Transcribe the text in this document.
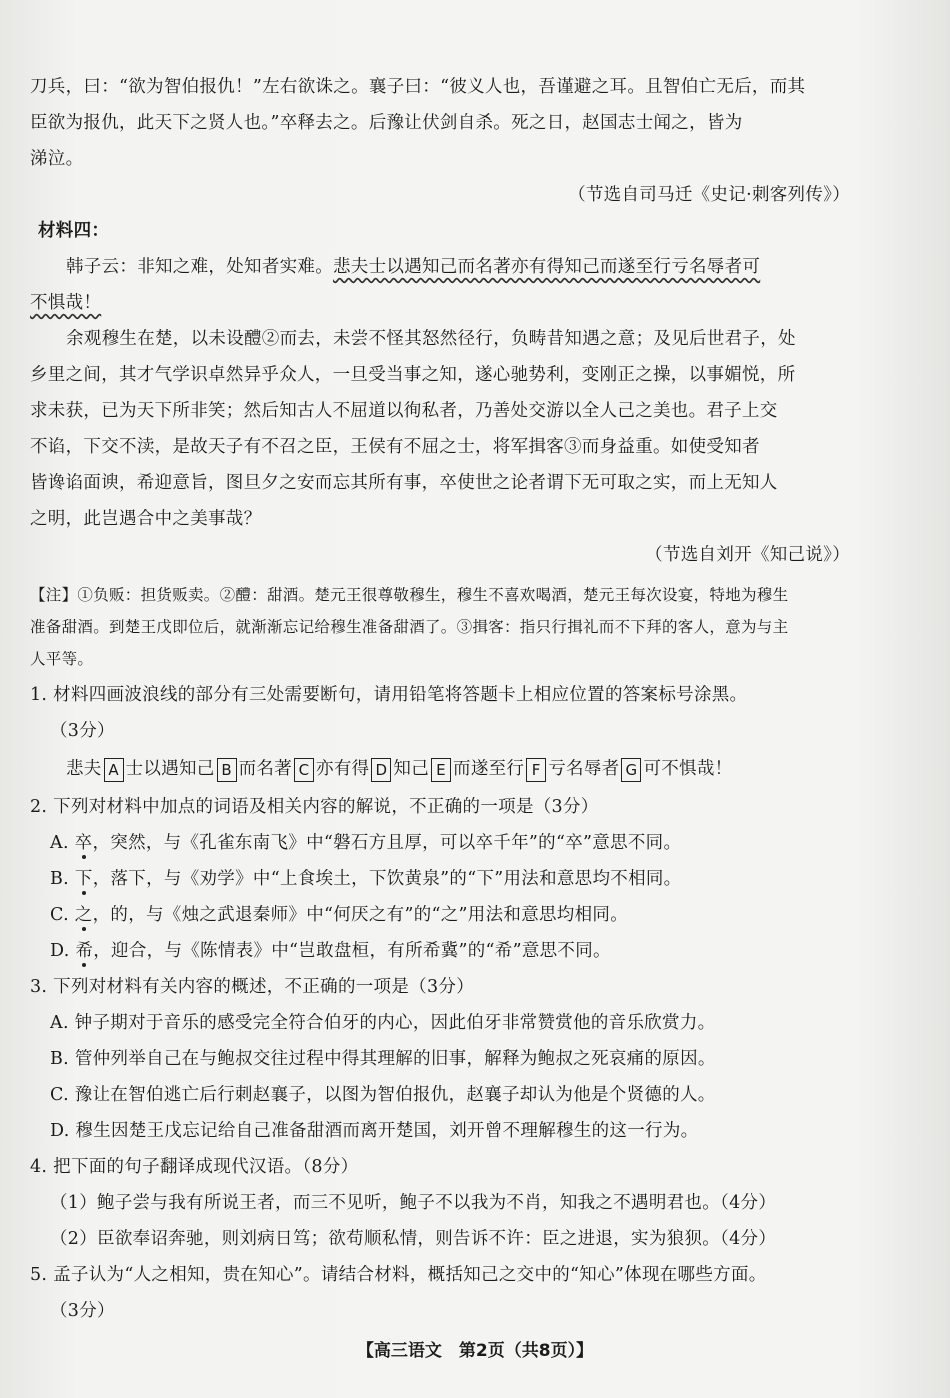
刀兵，曰：“欲为智伯报仇！”左右欲诛之。襄子曰：“彼义人也，吾谨避之耳。且智伯亡无后，而其
臣欲为报仇，此天下之贤人也。”卒释去之。后豫让伏剑自杀。死之日，赵国志士闻之，皆为
涕泣。
（节选自司马迁《史记·刺客列传》）
材料四：
韩子云：非知之难，处知者实难。悲夫士以遇知己而名著亦有得知己而遂至行亏名辱者可
不惧哉！
余观穆生在楚，以未设醴②而去，未尝不怪其怒然径行，负畴昔知遇之意；及见后世君子，处
乡里之间，其才气学识卓然异乎众人，一旦受当事之知，遂心驰势利，变刚正之操，以事媚悦，所
求未获，已为天下所非笑；然后知古人不屈道以徇私者，乃善处交游以全人己之美也。君子上交
不谄，下交不渎，是故天子有不召之臣，王侯有不屈之士，将军揖客③而身益重。如使受知者
皆谗谄面谀，希迎意旨，图旦夕之安而忘其所有事，卒使世之论者谓下无可取之实，而上无知人
之明，此岂遇合中之美事哉？
（节选自刘开《知己说》）
【注】①负贩：担货贩卖。②醴：甜酒。楚元王很尊敬穆生，穆生不喜欢喝酒，楚元王每次设宴，特地为穆生
准备甜酒。到楚王戊即位后，就渐渐忘记给穆生准备甜酒了。③揖客：指只行揖礼而不下拜的客人，意为与主
人平等。
1. 材料四画波浪线的部分有三处需要断句，请用铅笔将答题卡上相应位置的答案标号涂黑。
（3分）
悲夫 A 士以遇知己 B 而名著 C 亦有得 D 知己 E 而遂至行 F 亏名辱者 G 可不惧哉！
2. 下列对材料中加点的词语及相关内容的解说，不正确的一项是（3分）
A. 卒，突然，与《孔雀东南飞》中“磐石方且厚，可以卒千年”的“卒”意思不同。
B. 下，落下，与《劝学》中“上食埃土，下饮黄泉”的“下”用法和意思均不相同。
C. 之，的，与《烛之武退秦师》中“何厌之有”的“之”用法和意思均相同。
D. 希，迎合，与《陈情表》中“岂敢盘桓，有所希冀”的“希”意思不同。
3. 下列对材料有关内容的概述，不正确的一项是（3分）
A. 钟子期对于音乐的感受完全符合伯牙的内心，因此伯牙非常赞赏他的音乐欣赏力。
B. 管仲列举自己在与鲍叔交往过程中得其理解的旧事，解释为鲍叔之死哀痛的原因。
C. 豫让在智伯逃亡后行刺赵襄子，以图为智伯报仇，赵襄子却认为他是个贤德的人。
D. 穆生因楚王戊忘记给自己准备甜酒而离开楚国，刘开曾不理解穆生的这一行为。
4. 把下面的句子翻译成现代汉语。（8分）
（1）鲍子尝与我有所说王者，而三不见听，鲍子不以我为不肖，知我之不遇明君也。（4分）
（2）臣欲奉诏奔驰，则刘病日笃；欲苟顺私情，则告诉不许：臣之进退，实为狼狈。（4分）
5. 孟子认为“人之相知，贵在知心”。请结合材料，概括知己之交中的“知心”体现在哪些方面。
（3分）
【高三语文　第2页（共8页）】
